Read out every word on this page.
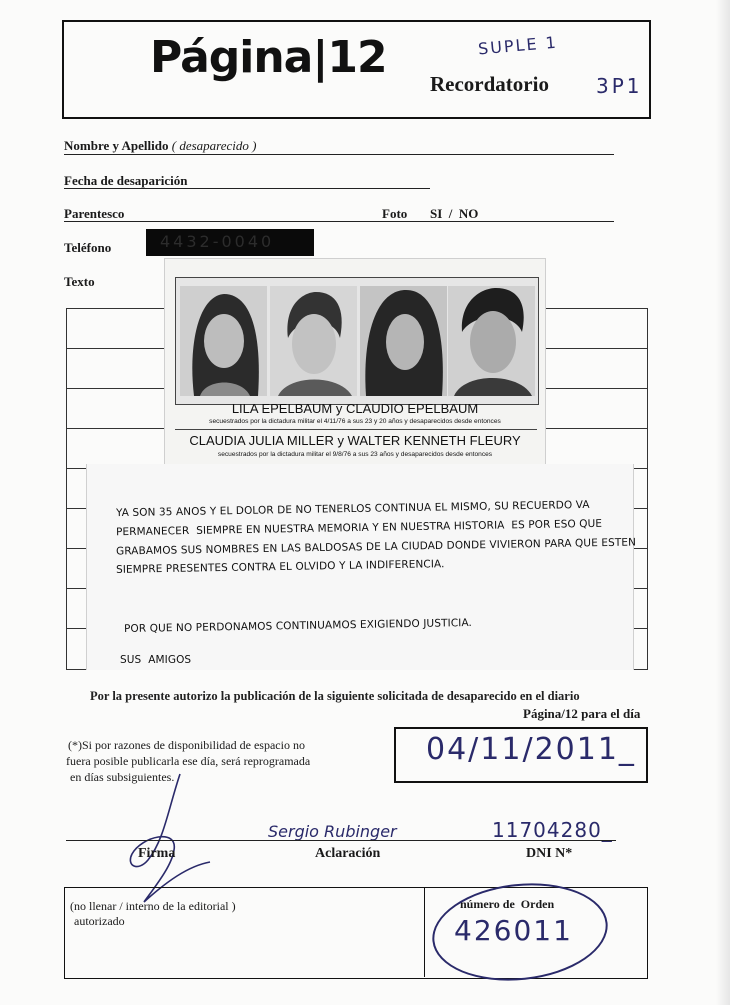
Página|12
Recordatorio
SUPLE 1
3P1
Nombre y Apellido ( desaparecido )
Fecha de desaparición
Parentesco	Foto SI  /  NO
Teléfono	4432-0040
Texto
LILA EPELBAUM y CLAUDIO EPELBAUM
secuestrados por la dictadura militar el 4/11/76 a sus 23 y 20 años y desaparecidos desde entonces
CLAUDIA JULIA MILLER y WALTER KENNETH FLEURY
secuestrados por la dictadura militar el 9/8/76 a sus 23 años y desaparecidos desde entonces
YA SON 35 ANOS Y EL DOLOR DE NO TENERLOS CONTINUA EL MISMO, SU RECUERDO VA
PERMANECER  SIEMPRE EN NUESTRA MEMORIA Y EN NUESTRA HISTORIA  ES POR ESO QUE
GRABAMOS SUS NOMBRES EN LAS BALDOSAS DE LA CIUDAD DONDE VIVIERON PARA QUE ESTEN
SIEMPRE PRESENTES CONTRA EL OLVIDO Y LA INDIFERENCIA.
POR QUE NO PERDONAMOS CONTINUAMOS EXIGIENDO JUSTICIA.
SUS  AMIGOS
Por la presente autorizo la publicación de la siguiente solicitada de desaparecido en el diario
Página/12 para el día
(*)Si por razones de disponibilidad de espacio no
fuera posible publicarla ese día, será reprogramada
en días subsiguientes.
04/11/2011_
Sergio Rubinger	11704280_
Firma	Aclaración	DNI N*
(no llenar / interno de la editorial )
autorizado
número de  Orden
426011
